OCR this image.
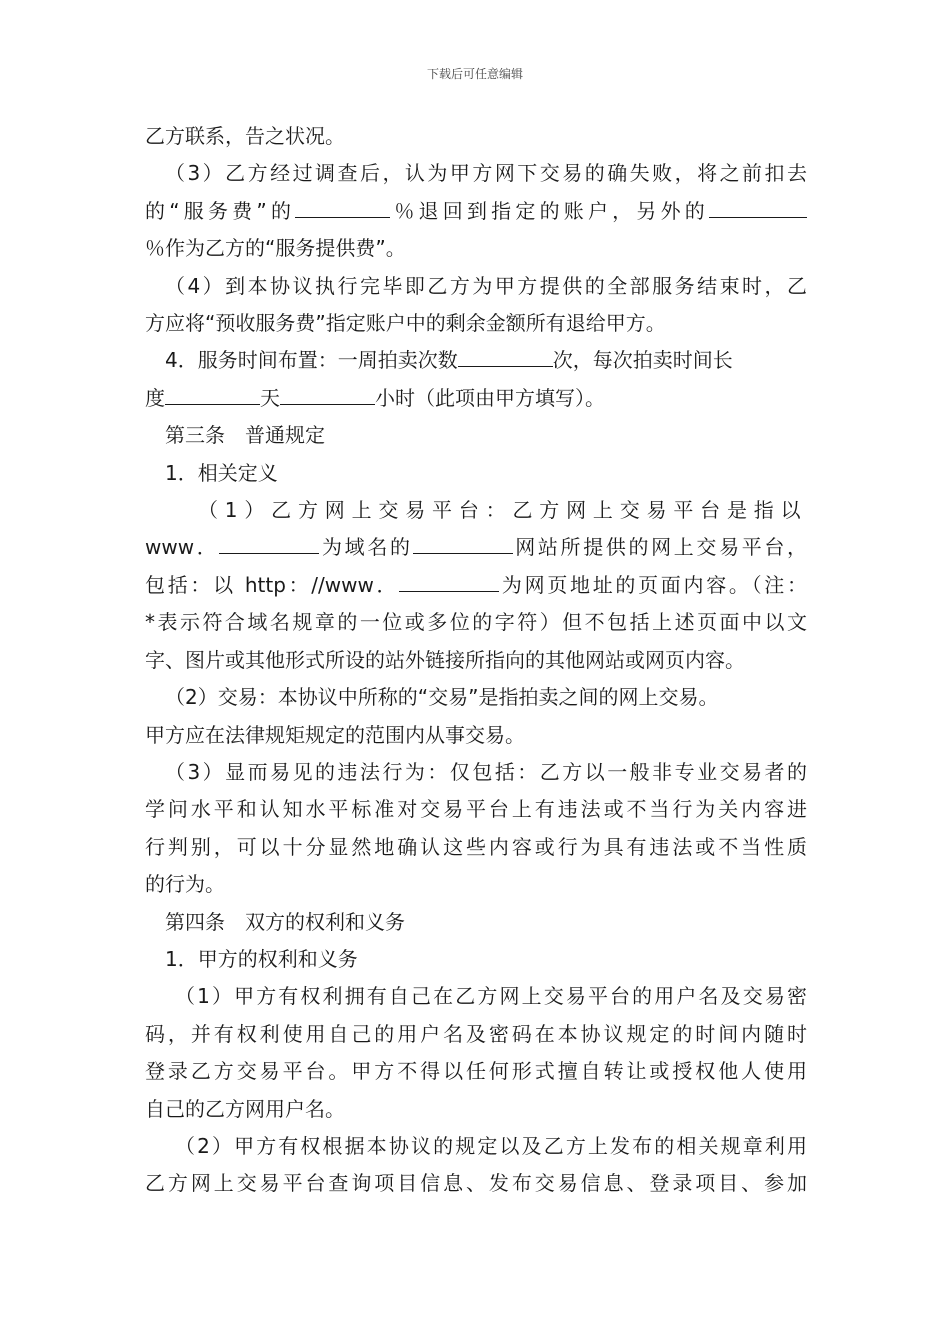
下载后可任意编辑

乙方联系，告之状况。

（3）乙方经过调查后，认为甲方网下交易的确失败，将之前扣去

的“服务费”的	％退回到指定的账户，另外的

％作为乙方的“服务提供费”。

（4）到本协议执行完毕即乙方为甲方提供的全部服务结束时，乙

方应将“预收服务费”指定账户中的剩余金额所有退给甲方。

4．服务时间布置：一周拍卖次数	次，每次拍卖时间长

度	天	小时（此项由甲方填写）。

第三条　普通规定

1．相关定义

（1）乙方网上交易平台：乙方网上交易平台是指以

www．	为域名的	网站所提供的网上交易平台，

包括：以 http：//www．	为网页地址的页面内容。（注：

*表示符合域名规章的一位或多位的字符）但不包括上述页面中以文

字、图片或其他形式所设的站外链接所指向的其他网站或网页内容。

（2）交易：本协议中所称的“交易”是指拍卖之间的网上交易。

甲方应在法律规矩规定的范围内从事交易。

（3）显而易见的违法行为：仅包括：乙方以一般非专业交易者的

学问水平和认知水平标准对交易平台上有违法或不当行为关内容进

行判别，可以十分显然地确认这些内容或行为具有违法或不当性质

的行为。

第四条　双方的权利和义务

1．甲方的权利和义务

（1）甲方有权利拥有自己在乙方网上交易平台的用户名及交易密

码，并有权利使用自己的用户名及密码在本协议规定的时间内随时

登录乙方交易平台。甲方不得以任何形式擅自转让或授权他人使用

自己的乙方网用户名。

（2）甲方有权根据本协议的规定以及乙方上发布的相关规章利用

乙方网上交易平台查询项目信息、发布交易信息、登录项目、参加
